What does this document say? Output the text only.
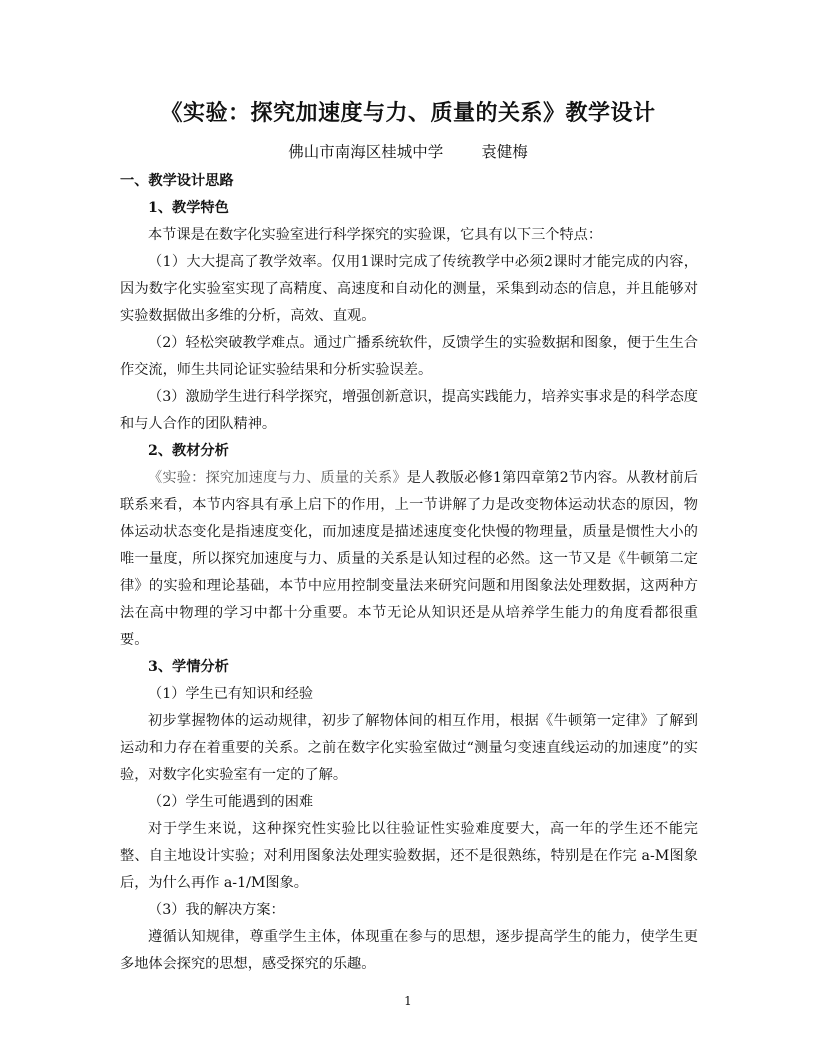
《实验：探究加速度与力、质量的关系》教学设计
佛山市南海区桂城中学 袁健梅

一、教学设计思路

1、教学特色

本节课是在数字化实验室进行科学探究的实验课，它具有以下三个特点：

（1）大大提高了教学效率。仅用1课时完成了传统教学中必须2课时才能完成的内容，因为数字化实验室实现了高精度、高速度和自动化的测量，采集到动态的信息，并且能够对实验数据做出多维的分析，高效、直观。

（2）轻松突破教学难点。通过广播系统软件，反馈学生的实验数据和图象，便于生生合作交流，师生共同论证实验结果和分析实验误差。

（3）激励学生进行科学探究，增强创新意识，提高实践能力，培养实事求是的科学态度和与人合作的团队精神。

2、教材分析

《实验：探究加速度与力、质量的关系》是人教版必修1第四章第2节内容。从教材前后联系来看，本节内容具有承上启下的作用，上一节讲解了力是改变物体运动状态的原因，物体运动状态变化是指速度变化，而加速度是描述速度变化快慢的物理量，质量是惯性大小的唯一量度，所以探究加速度与力、质量的关系是认知过程的必然。这一节又是《牛顿第二定律》的实验和理论基础，本节中应用控制变量法来研究问题和用图象法处理数据，这两种方法在高中物理的学习中都十分重要。本节无论从知识还是从培养学生能力的角度看都很重要。

3、学情分析

（1）学生已有知识和经验

初步掌握物体的运动规律，初步了解物体间的相互作用，根据《牛顿第一定律》了解到运动和力存在着重要的关系。之前在数字化实验室做过“测量匀变速直线运动的加速度”的实验，对数字化实验室有一定的了解。

（2）学生可能遇到的困难

对于学生来说，这种探究性实验比以往验证性实验难度要大，高一年的学生还不能完整、自主地设计实验；对利用图象法处理实验数据，还不是很熟练，特别是在作完 a-M图象后，为什么再作 a-1/M图象。

（3）我的解决方案：

遵循认知规律，尊重学生主体，体现重在参与的思想，逐步提高学生的能力，使学生更多地体会探究的思想，感受探究的乐趣。

1
